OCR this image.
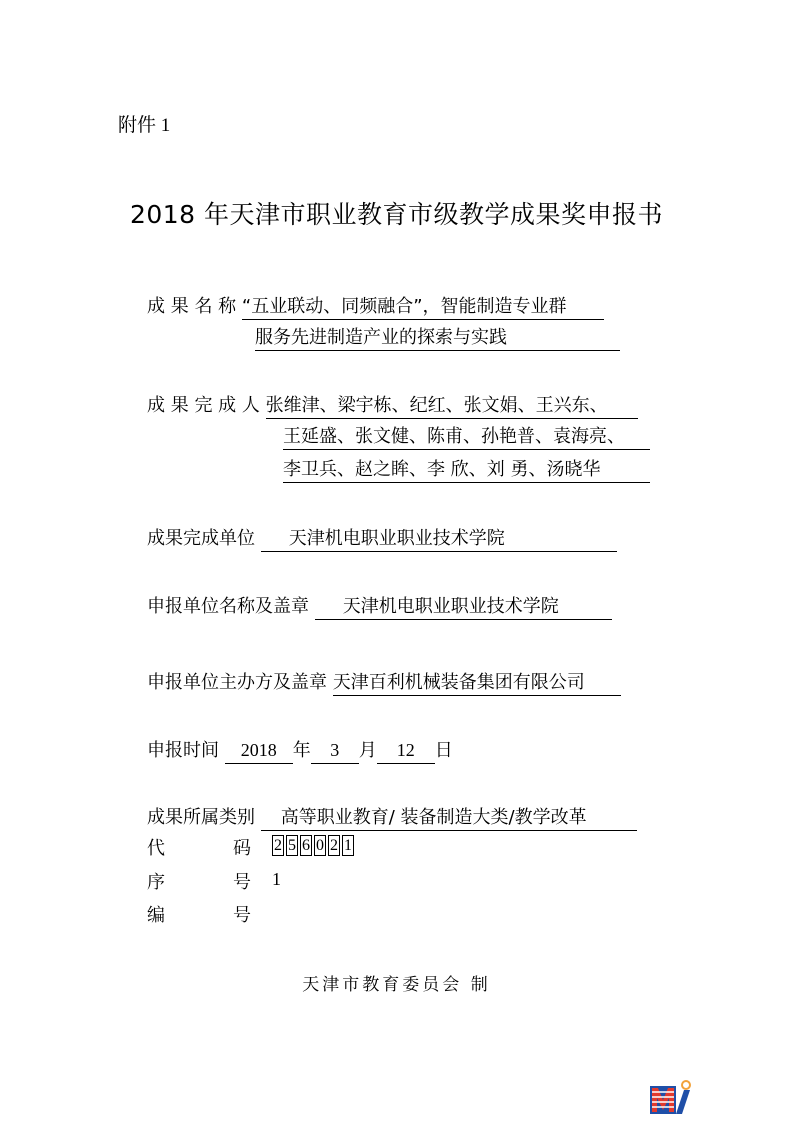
附件 1
2018 年天津市职业教育市级教学成果奖申报书
成 果 名 称 “五业联动、同频融合”，智能制造专业群
服务先进制造产业的探索与实践
成 果 完 成 人 张维津、梁宇栋、纪红、张文娟、王兴东、
王延盛、张文健、陈甫、孙艳普、袁海亮、
李卫兵、赵之眸、李 欣、刘 勇、汤晓华
成果完成单位 天津机电职业职业技术学院
申报单位名称及盖章 天津机电职业职业技术学院
申报单位主办方及盖章 天津百利机械装备集团有限公司
申报时间 2018 年 3 月 12 日
成果所属类别 高等职业教育/ 装备制造大类/教学改革
代	码 2 5 6 0 2 1
序	号 1
编	号
天津市教育委员会 制
